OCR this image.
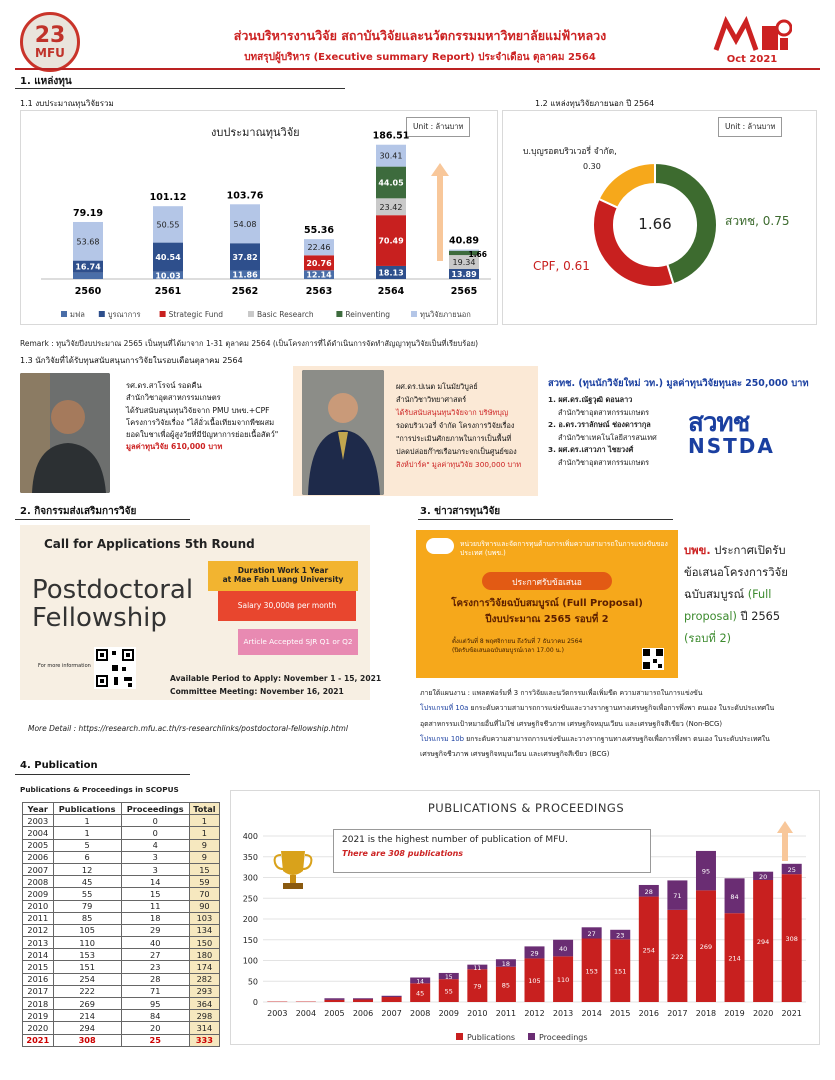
23
MFU
ส่วนบริหารงานวิจัย สถาบันวิจัยและนวัตกรรมมหาวิทยาลัยแม่ฟ้าหลวง
บทสรุปผู้บริหาร (Executive summary Report) ประจำเดือน ตุลาคม 2564	Oct 2021
1. แหล่งทุน
1.1 งบประมาณทุนวิจัยรวม	1.2 แหล่งทุนวิจัยภายนอก ปี 2564
งบประมาณทุนวิจัย	Unit : ล้านบาท
16.74
53.68
79.19
2560
10.03
40.54
50.55
101.12
2561
11.86
37.82
54.08
103.76
2562
12.14
20.76
22.46
55.36
2563
18.13
70.49
23.42
44.05
30.41
186.51
2564
13.89
19.34
40.89
2565
1.66
มฟล	บูรณาการ	Strategic Fund	Basic Research	Reinventing	ทุนวิจัยภายนอก
Unit : ล้านบาท
บ.บุญรอดบริวเวอรี่ จำกัด,
0.30
สวทช, 0.75
CPF, 0.61
1.66
Remark : ทุนวิจัยปีงบประมาณ 2565 เป็นทุนที่ได้มาจาก 1-31 ตุลาคม 2564 (เป็นโครงการที่ได้ดำเนินการจัดทำสัญญาทุนวิจัยเป็นที่เรียบร้อย)
1.3 นักวิจัยที่ได้รับทุนสนับสนุนการวิจัยในรอบเดือนตุลาคม 2564
รศ.ดร.สาโรจน์ รอดคืน
สำนักวิชาอุตสาหกรรมเกษตร
ได้รับสนับสนุนทุนวิจัยจาก PMU บพข.+CPF
โครงการวิจัยเรื่อง "ไส้อั่วเนื้อเทียมจากพืชผสม
ยอดใบชาเพื่อผู้สูงวัยที่มีปัญหาการย่อยเนื้อสัตว์"
มูลค่าทุนวิจัย 610,000 บาท
ผศ.ดร.ปเนต มโนมัยวิบูลย์
สำนักวิชาวิทยาศาสตร์
ได้รับสนับสนุนทุนวิจัยจาก บริษัทบุญ
รอดบริวเวอรี่ จำกัด โครงการวิจัยเรื่อง
"การประเมินศักยภาพในการเป็นพื้นที่
ปลดปล่อยก๊าซเรือนกระจกเป็นศูนย์ของ
สิงห์ปาร์ค" มูลค่าทุนวิจัย 300,000 บาท
สวทช. (ทุนนักวิจัยใหม่ วท.) มูลค่าทุนวิจัยทุนละ 250,000 บาท
1. ผศ.ดร.ณัฐวุฒิ ดอนลาว
สำนักวิชาอุตสาหกรรมเกษตร
2. อ.ดร.วราลักษณ์ ช่องดารากุล
สำนักวิชาเทคโนโลยีสารสนเทศ
3. ผศ.ดร.เสาวภา ไชยวงศ์
สำนักวิชาอุตสาหกรรมเกษตร
สวทช
NSTDA
2. กิจกรรมส่งเสริมการวิจัย
Call for Applications 5th Round
Postdoctoral
Fellowship
Duration Work 1 Year
at Mae Fah Luang University
Salary 30,000฿ per month
Article Accepted SJR Q1 or Q2
For more information
Available Period to Apply: November 1 - 15, 2021
Committee Meeting: November 16, 2021
More Detail : https://research.mfu.ac.th/rs-researchlinks/postdoctoral-fellowship.html
3. ข่าวสารทุนวิจัย
หน่วยบริหารและจัดการทุนด้านการเพิ่มความสามารถในการแข่งขันของประเทศ (บพข.)
ประกาศรับข้อเสนอ
โครงการวิจัยฉบับสมบูรณ์ (Full Proposal)
ปีงบประมาณ 2565 รอบที่ 2
ตั้งแต่วันที่ 8 พฤศจิกายน ถึงวันที่ 7 ธันวาคม 2564
(ปิดรับข้อเสนอฉบับสมบูรณ์เวลา 17.00 น.)
บพข. ประกาศเปิดรับ
ข้อเสนอโครงการวิจัย
ฉบับสมบูรณ์ (Full
proposal) ปี 2565
(รอบที่ 2)
ภายใต้แผนงาน : แพลตฟอร์มที่ 3 การวิจัยและนวัตกรรมเพื่อเพิ่มขีด ความสามารถในการแข่งขัน
โปรแกรมที่ 10a ยกระดับความสามารถการแข่งขันและวางรากฐานทางเศรษฐกิจเพื่อการพึ่งพา ตนเอง ในระดับประเทศใน
อุตสาหกรรมเป้าหมายอื่นที่ไม่ใช่ เศรษฐกิจชีวภาพ เศรษฐกิจหมุนเวียน และเศรษฐกิจสีเขียว (Non-BCG)
โปรแกรม 10b ยกระดับความสามารถการแข่งขันและวางรากฐานทางเศรษฐกิจเพื่อการพึ่งพา ตนเอง ในระดับประเทศใน
เศรษฐกิจชีวภาพ เศรษฐกิจหมุนเวียน และเศรษฐกิจสีเขียว (BCG)
4. Publication
Publications & Proceedings in SCOPUS
Year	Publications	Proceedings	Total
2003	1	0	1
2004	1	0	1
2005	5	4	9
2006	6	3	9
2007	12	3	15
2008	45	14	59
2009	55	15	70
2010	79	11	90
2011	85	18	103
2012	105	29	134
2013	110	40	150
2014	153	27	180
2015	151	23	174
2016	254	28	282
2017	222	71	293
2018	269	95	364
2019	214	84	298
2020	294	20	314
2021	308	25	333
PUBLICATIONS & PROCEEDINGS
0
50
100
150
200
250
300
350
400
2003 2004 2005 2006 2007
45
14
2008
55
15
2009
79
11
2010
85
18
2011
105
29
2012
110
40
2013
153
27
2014
151
23
2015
254
28
2016
222
71
2017
269
95
2018
214
84
2019
294
20
2020
308
25
2021
Publications	Proceedings
2021 is the highest number of publication of MFU.
There are 308 publications
